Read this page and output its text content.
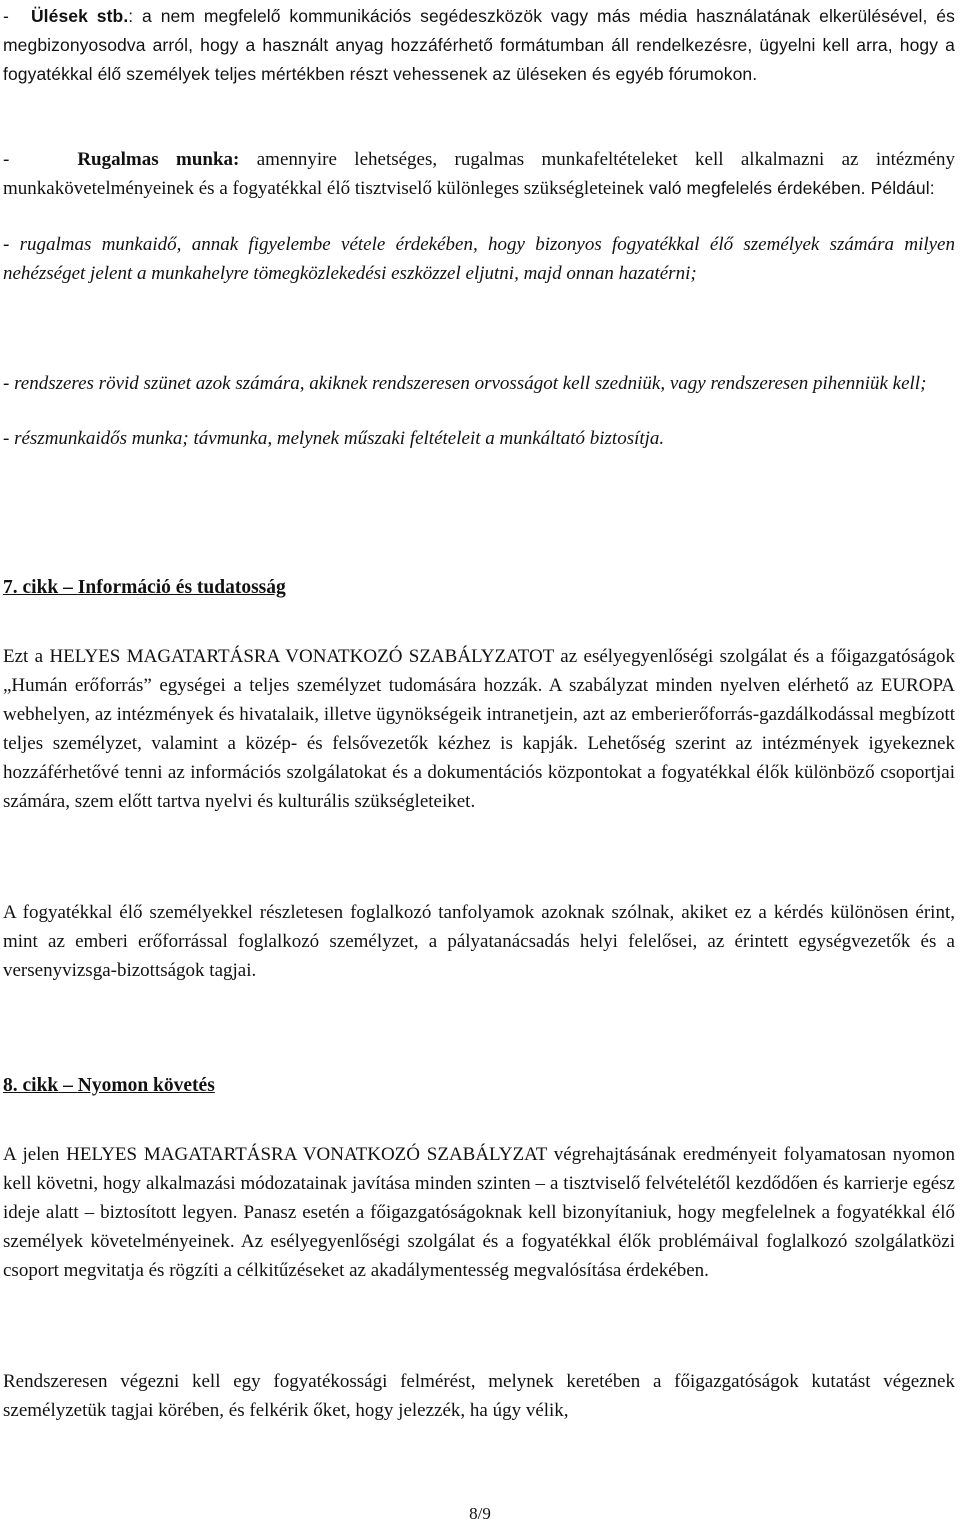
- Ülések stb.: a nem megfelelő kommunikációs segédeszközök vagy más média használatának elkerülésével, és megbizonyosodva arról, hogy a használt anyag hozzáférhető formátumban áll rendelkezésre, ügyelni kell arra, hogy a fogyatékkal élő személyek teljes mértékben részt vehessenek az üléseken és egyéb fórumokon.
-	Rugalmas munka: amennyire lehetséges, rugalmas munkafeltételeket kell alkalmazni az intézmény munkakövetelményeinek és a fogyatékkal élő tisztviselő különleges szükségleteinek való megfelelés érdekében. Például:
- rugalmas munkaidő, annak figyelembe vétele érdekében, hogy bizonyos fogyatékkal élő személyek számára milyen nehézséget jelent a munkahelyre tömegközlekedési eszközzel eljutni, majd onnan hazatérni;
- rendszeres rövid szünet azok számára, akiknek rendszeresen orvosságot kell szedniük, vagy rendszeresen pihenniük kell;
- részmunkaidős munka; távmunka, melynek műszaki feltételeit a munkáltató biztosítja.
7. cikk – Információ és tudatosság
Ezt a HELYES MAGATARTÁSRA VONATKOZÓ SZABÁLYZATOT az esélyegyenlőségi szolgálat és a főigazgatóságok „Humán erőforrás” egységei a teljes személyzet tudomására hozzák. A szabályzat minden nyelven elérhető az EUROPA webhelyen, az intézmények és hivatalaik, illetve ügynökségeik intranetjein, azt az emberierőforrás-gazdálkodással megbízott teljes személyzet, valamint a közép- és felsővezetők kézhez is kapják. Lehetőség szerint az intézmények igyekeznek hozzáférhetővé tenni az információs szolgálatokat és a dokumentációs központokat a fogyatékkal élők különböző csoportjai számára, szem előtt tartva nyelvi és kulturális szükségleteiket.
A fogyatékkal élő személyekkel részletesen foglalkozó tanfolyamok azoknak szólnak, akiket ez a kérdés különösen érint, mint az emberi erőforrással foglalkozó személyzet, a pályatanácsadás helyi felelősei, az érintett egységvezetők és a versenyvizsga-bizottságok tagjai.
8. cikk – Nyomon követés
A jelen HELYES MAGATARTÁSRA VONATKOZÓ SZABÁLYZAT végrehajtásának eredményeit folyamatosan nyomon kell követni, hogy alkalmazási módozatainak javítása minden szinten – a tisztviselő felvételétől kezdődően és karrierje egész ideje alatt – biztosított legyen. Panasz esetén a főigazgatóságoknak kell bizonyítaniuk, hogy megfelelnek a fogyatékkal élő személyek követelményeinek. Az esélyegyenlőségi szolgálat és a fogyatékkal élők problémáival foglalkozó szolgálatközi csoport megvitatja és rögzíti a célkitűzéseket az akadálymentesség megvalósítása érdekében.
Rendszeresen végezni kell egy fogyatékossági felmérést, melynek keretében a főigazgatóságok kutatást végeznek személyzetük tagjai körében, és felkérik őket, hogy jelezzék, ha úgy vélik,
8/9
